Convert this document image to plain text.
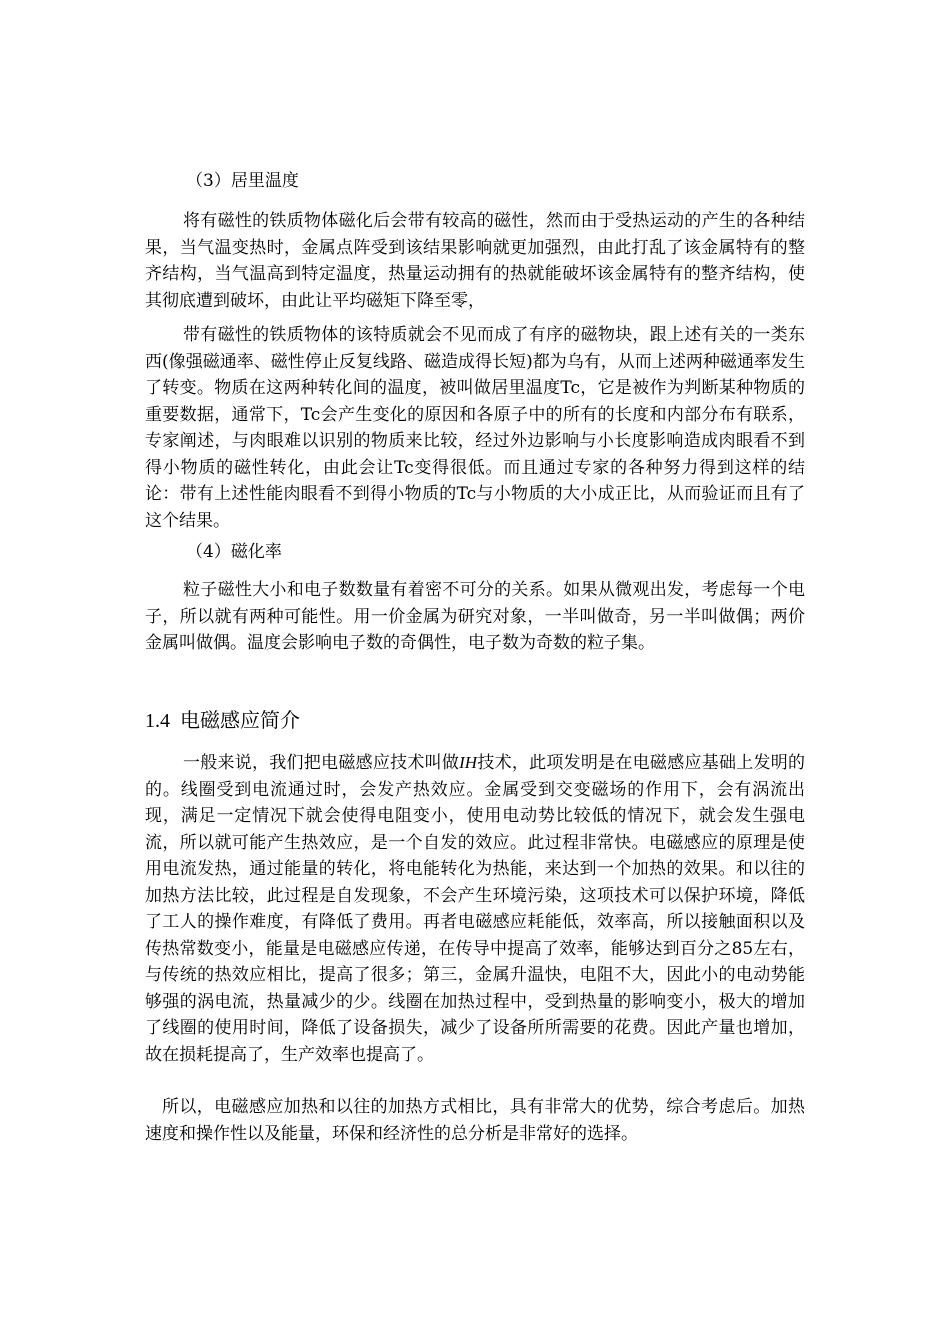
（3）居里温度

将有磁性的铁质物体磁化后会带有较高的磁性，然而由于受热运动的产生的各种结果，当气温变热时，金属点阵受到该结果影响就更加强烈，由此打乱了该金属特有的整齐结构，当气温高到特定温度，热量运动拥有的热就能破坏该金属特有的整齐结构，使其彻底遭到破坏，由此让平均磁矩下降至零，

带有磁性的铁质物体的该特质就会不见而成了有序的磁物块，跟上述有关的一类东西(像强磁通率、磁性停止反复线路、磁造成得长短)都为乌有，从而上述两种磁通率发生了转变。物质在这两种转化间的温度，被叫做居里温度Tc，它是被作为判断某种物质的重要数据，通常下，Tc会产生变化的原因和各原子中的所有的长度和内部分布有联系，专家阐述，与肉眼难以识别的物质来比较，经过外边影响与小长度影响造成肉眼看不到得小物质的磁性转化，由此会让Tc变得很低。而且通过专家的各种努力得到这样的结论：带有上述性能肉眼看不到得小物质的Tc与小物质的大小成正比，从而验证而且有了这个结果。

（4）磁化率

粒子磁性大小和电子数数量有着密不可分的关系。如果从微观出发，考虑每一个电子，所以就有两种可能性。用一价金属为研究对象，一半叫做奇，另一半叫做偶；两价金属叫做偶。温度会影响电子数的奇偶性，电子数为奇数的粒子集。

1.4 电磁感应简介

一般来说，我们把电磁感应技术叫做IH技术，此项发明是在电磁感应基础上发明的的。线圈受到电流通过时，会发产热效应。金属受到交变磁场的作用下，会有涡流出现，满足一定情况下就会使得电阻变小，使用电动势比较低的情况下，就会发生强电流，所以就可能产生热效应，是一个自发的效应。此过程非常快。电磁感应的原理是使用电流发热，通过能量的转化，将电能转化为热能，来达到一个加热的效果。和以往的加热方法比较，此过程是自发现象，不会产生环境污染，这项技术可以保护环境，降低了工人的操作难度，有降低了费用。再者电磁感应耗能低，效率高，所以接触面积以及传热常数变小，能量是电磁感应传递，在传导中提高了效率，能够达到百分之85左右，与传统的热效应相比，提高了很多；第三，金属升温快，电阻不大，因此小的电动势能够强的涡电流，热量减少的少。线圈在加热过程中，受到热量的影响变小，极大的增加了线圈的使用时间，降低了设备损失，减少了设备所所需要的花费。因此产量也增加，故在损耗提高了，生产效率也提高了。

所以，电磁感应加热和以往的加热方式相比，具有非常大的优势，综合考虑后。加热速度和操作性以及能量，环保和经济性的总分析是非常好的选择。
